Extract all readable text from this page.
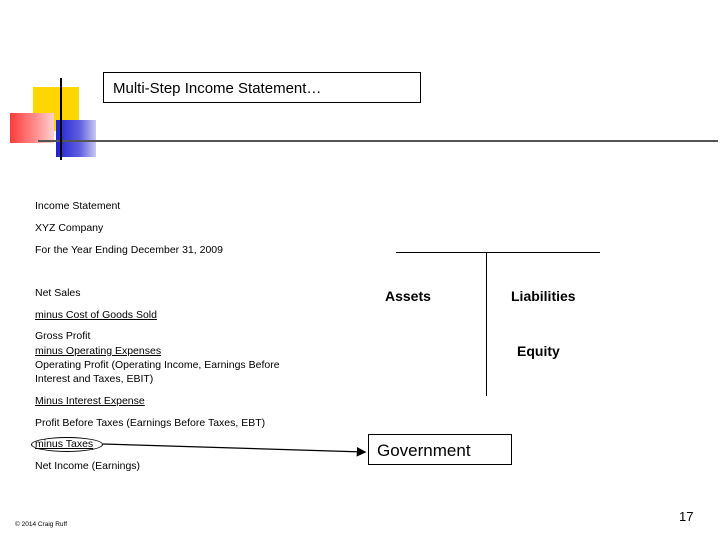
Multi-Step Income Statement…
Income Statement
XYZ Company
For the Year Ending December 31, 2009
Net Sales
minus Cost of Goods Sold
Gross Profit
minus Operating Expenses
Operating Profit (Operating Income, Earnings Before
Interest and Taxes, EBIT)
Minus Interest Expense
Profit Before Taxes (Earnings Before Taxes, EBT)
minus Taxes
Net Income (Earnings)
Assets	Liabilities
Equity
Government
© 2014 Craig Ruff
17
